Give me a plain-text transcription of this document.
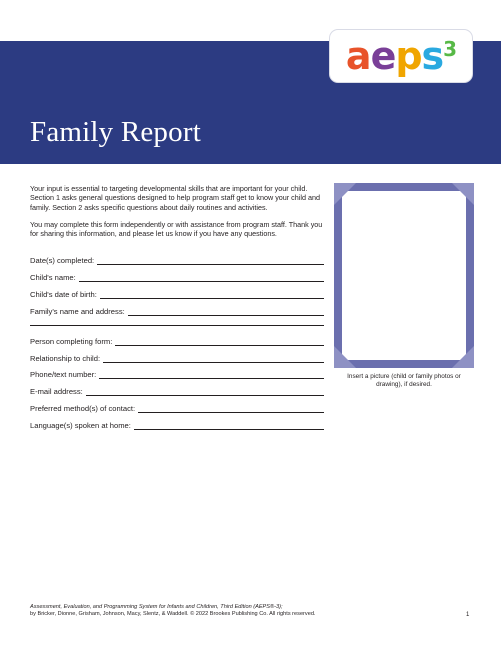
aeps$^3$
Family Report

Your input is essential to targeting developmental skills that are important for your child. Section 1 asks general questions designed to help program staff get to know your child and family. Section 2 asks specific questions about daily routines and activities.

You may complete this form independently or with assistance from program staff. Thank you for sharing this information, and please let us know if you have any questions.

Date(s) completed:
Child's name:
Child's date of birth:
Family's name and address:
Person completing form:
Relationship to child:
Phone/text number:
E-mail address:
Preferred method(s) of contact:
Language(s) spoken at home:

Insert a picture (child or family photos or drawing), if desired.

Assessment, Evaluation, and Programming System for Infants and Children, Third Edition (AEPS®-3);
by Bricker, Dionne, Grisham, Johnson, Macy, Slentz, & Waddell. © 2022 Brookes Publishing Co. All rights reserved.	1
